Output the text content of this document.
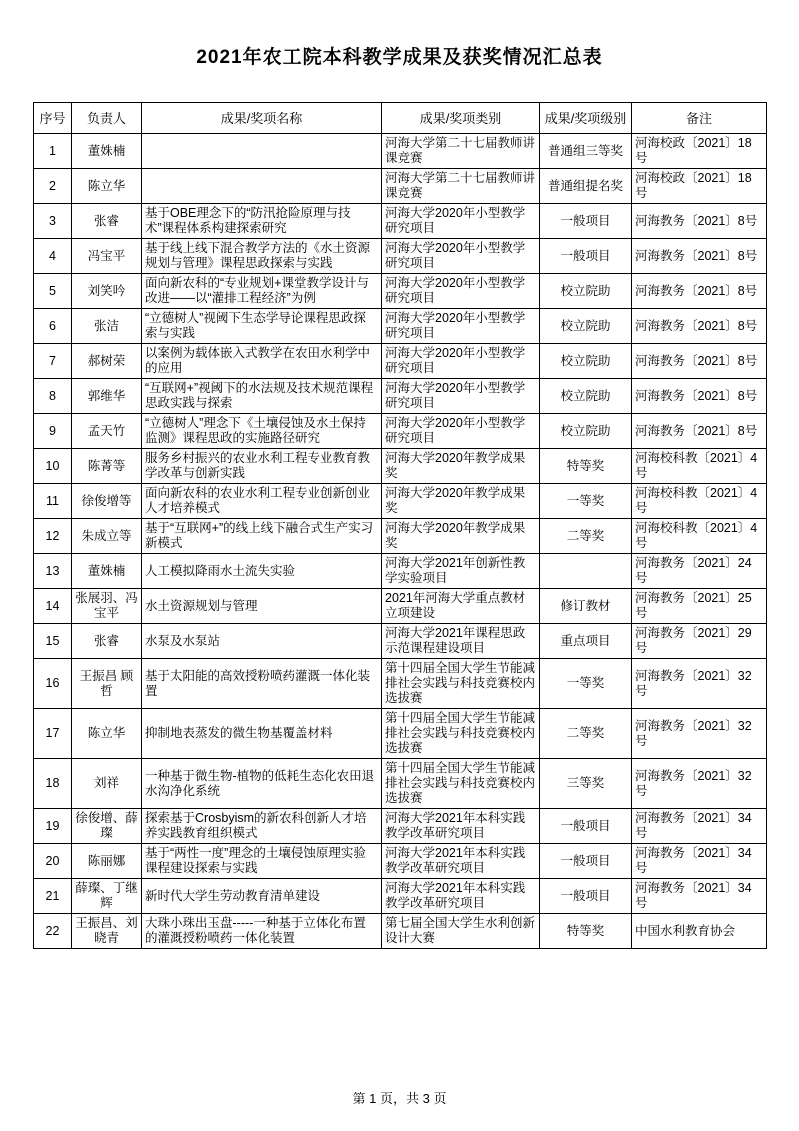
2021年农工院本科教学成果及获奖情况汇总表
序号	负责人	成果/奖项名称	成果/奖项类别	成果/奖项级别	备注
1	董姝楠		河海大学第二十七届教师讲课竞赛	普通组三等奖	河海校政〔2021〕18号
2	陈立华		河海大学第二十七届教师讲课竞赛	普通组提名奖	河海校政〔2021〕18号
3	张睿	基于OBE理念下的“防汛抢险原理与技术”课程体系构建探索研究	河海大学2020年小型教学研究项目	一般项目	河海教务〔2021〕8号
4	冯宝平	基于线上线下混合教学方法的《水土资源规划与管理》课程思政探索与实践	河海大学2020年小型教学研究项目	一般项目	河海教务〔2021〕8号
5	刘笑吟	面向新农科的“专业规划+课堂教学设计与改进——以“灌排工程经济”为例	河海大学2020年小型教学研究项目	校立院助	河海教务〔2021〕8号
6	张洁	“立德树人”视阈下生态学导论课程思政探索与实践	河海大学2020年小型教学研究项目	校立院助	河海教务〔2021〕8号
7	郝树荣	以案例为载体嵌入式教学在农田水利学中的应用	河海大学2020年小型教学研究项目	校立院助	河海教务〔2021〕8号
8	郭维华	“互联网+”视阈下的水法规及技术规范课程思政实践与探索	河海大学2020年小型教学研究项目	校立院助	河海教务〔2021〕8号
9	孟天竹	“立德树人”理念下《土壤侵蚀及水土保持监测》课程思政的实施路径研究	河海大学2020年小型教学研究项目	校立院助	河海教务〔2021〕8号
10	陈菁等	服务乡村振兴的农业水利工程专业教育教学改革与创新实践	河海大学2020年教学成果奖	特等奖	河海校科教〔2021〕4号
11	徐俊增等	面向新农科的农业水利工程专业创新创业人才培养模式	河海大学2020年教学成果奖	一等奖	河海校科教〔2021〕4号
12	朱成立等	基于“互联网+”的线上线下融合式生产实习新模式	河海大学2020年教学成果奖	二等奖	河海校科教〔2021〕4号
13	董姝楠	人工模拟降雨水土流失实验	河海大学2021年创新性教学实验项目		河海教务〔2021〕24号
14	张展羽、冯宝平	水土资源规划与管理	2021年河海大学重点教材立项建设	修订教材	河海教务〔2021〕25号
15	张睿	水泵及水泵站	河海大学2021年课程思政示范课程建设项目	重点项目	河海教务〔2021〕29号
16	王振昌 顾哲	基于太阳能的高效授粉喷药灌溉一体化装置	第十四届全国大学生节能减排社会实践与科技竞赛校内选拔赛	一等奖	河海教务〔2021〕32号
17	陈立华	抑制地表蒸发的微生物基覆盖材料	第十四届全国大学生节能减排社会实践与科技竞赛校内选拔赛	二等奖	河海教务〔2021〕32号
18	刘祥	一种基于微生物-植物的低耗生态化农田退水沟净化系统	第十四届全国大学生节能减排社会实践与科技竞赛校内选拔赛	三等奖	河海教务〔2021〕32号
19	徐俊增、薛璨	探索基于Crosbyism的新农科创新人才培养实践教育组织模式	河海大学2021年本科实践教学改革研究项目	一般项目	河海教务〔2021〕34号
20	陈丽娜	基于“两性一度”理念的土壤侵蚀原理实验课程建设探索与实践	河海大学2021年本科实践教学改革研究项目	一般项目	河海教务〔2021〕34号
21	薛璨、丁继辉	新时代大学生劳动教育清单建设	河海大学2021年本科实践教学改革研究项目	一般项目	河海教务〔2021〕34号
22	王振昌、刘晓青	大珠小珠出玉盘-----一种基于立体化布置的灌溉授粉喷药一体化装置	第七届全国大学生水利创新设计大赛	特等奖	中国水利教育协会
第 1 页，共 3 页
